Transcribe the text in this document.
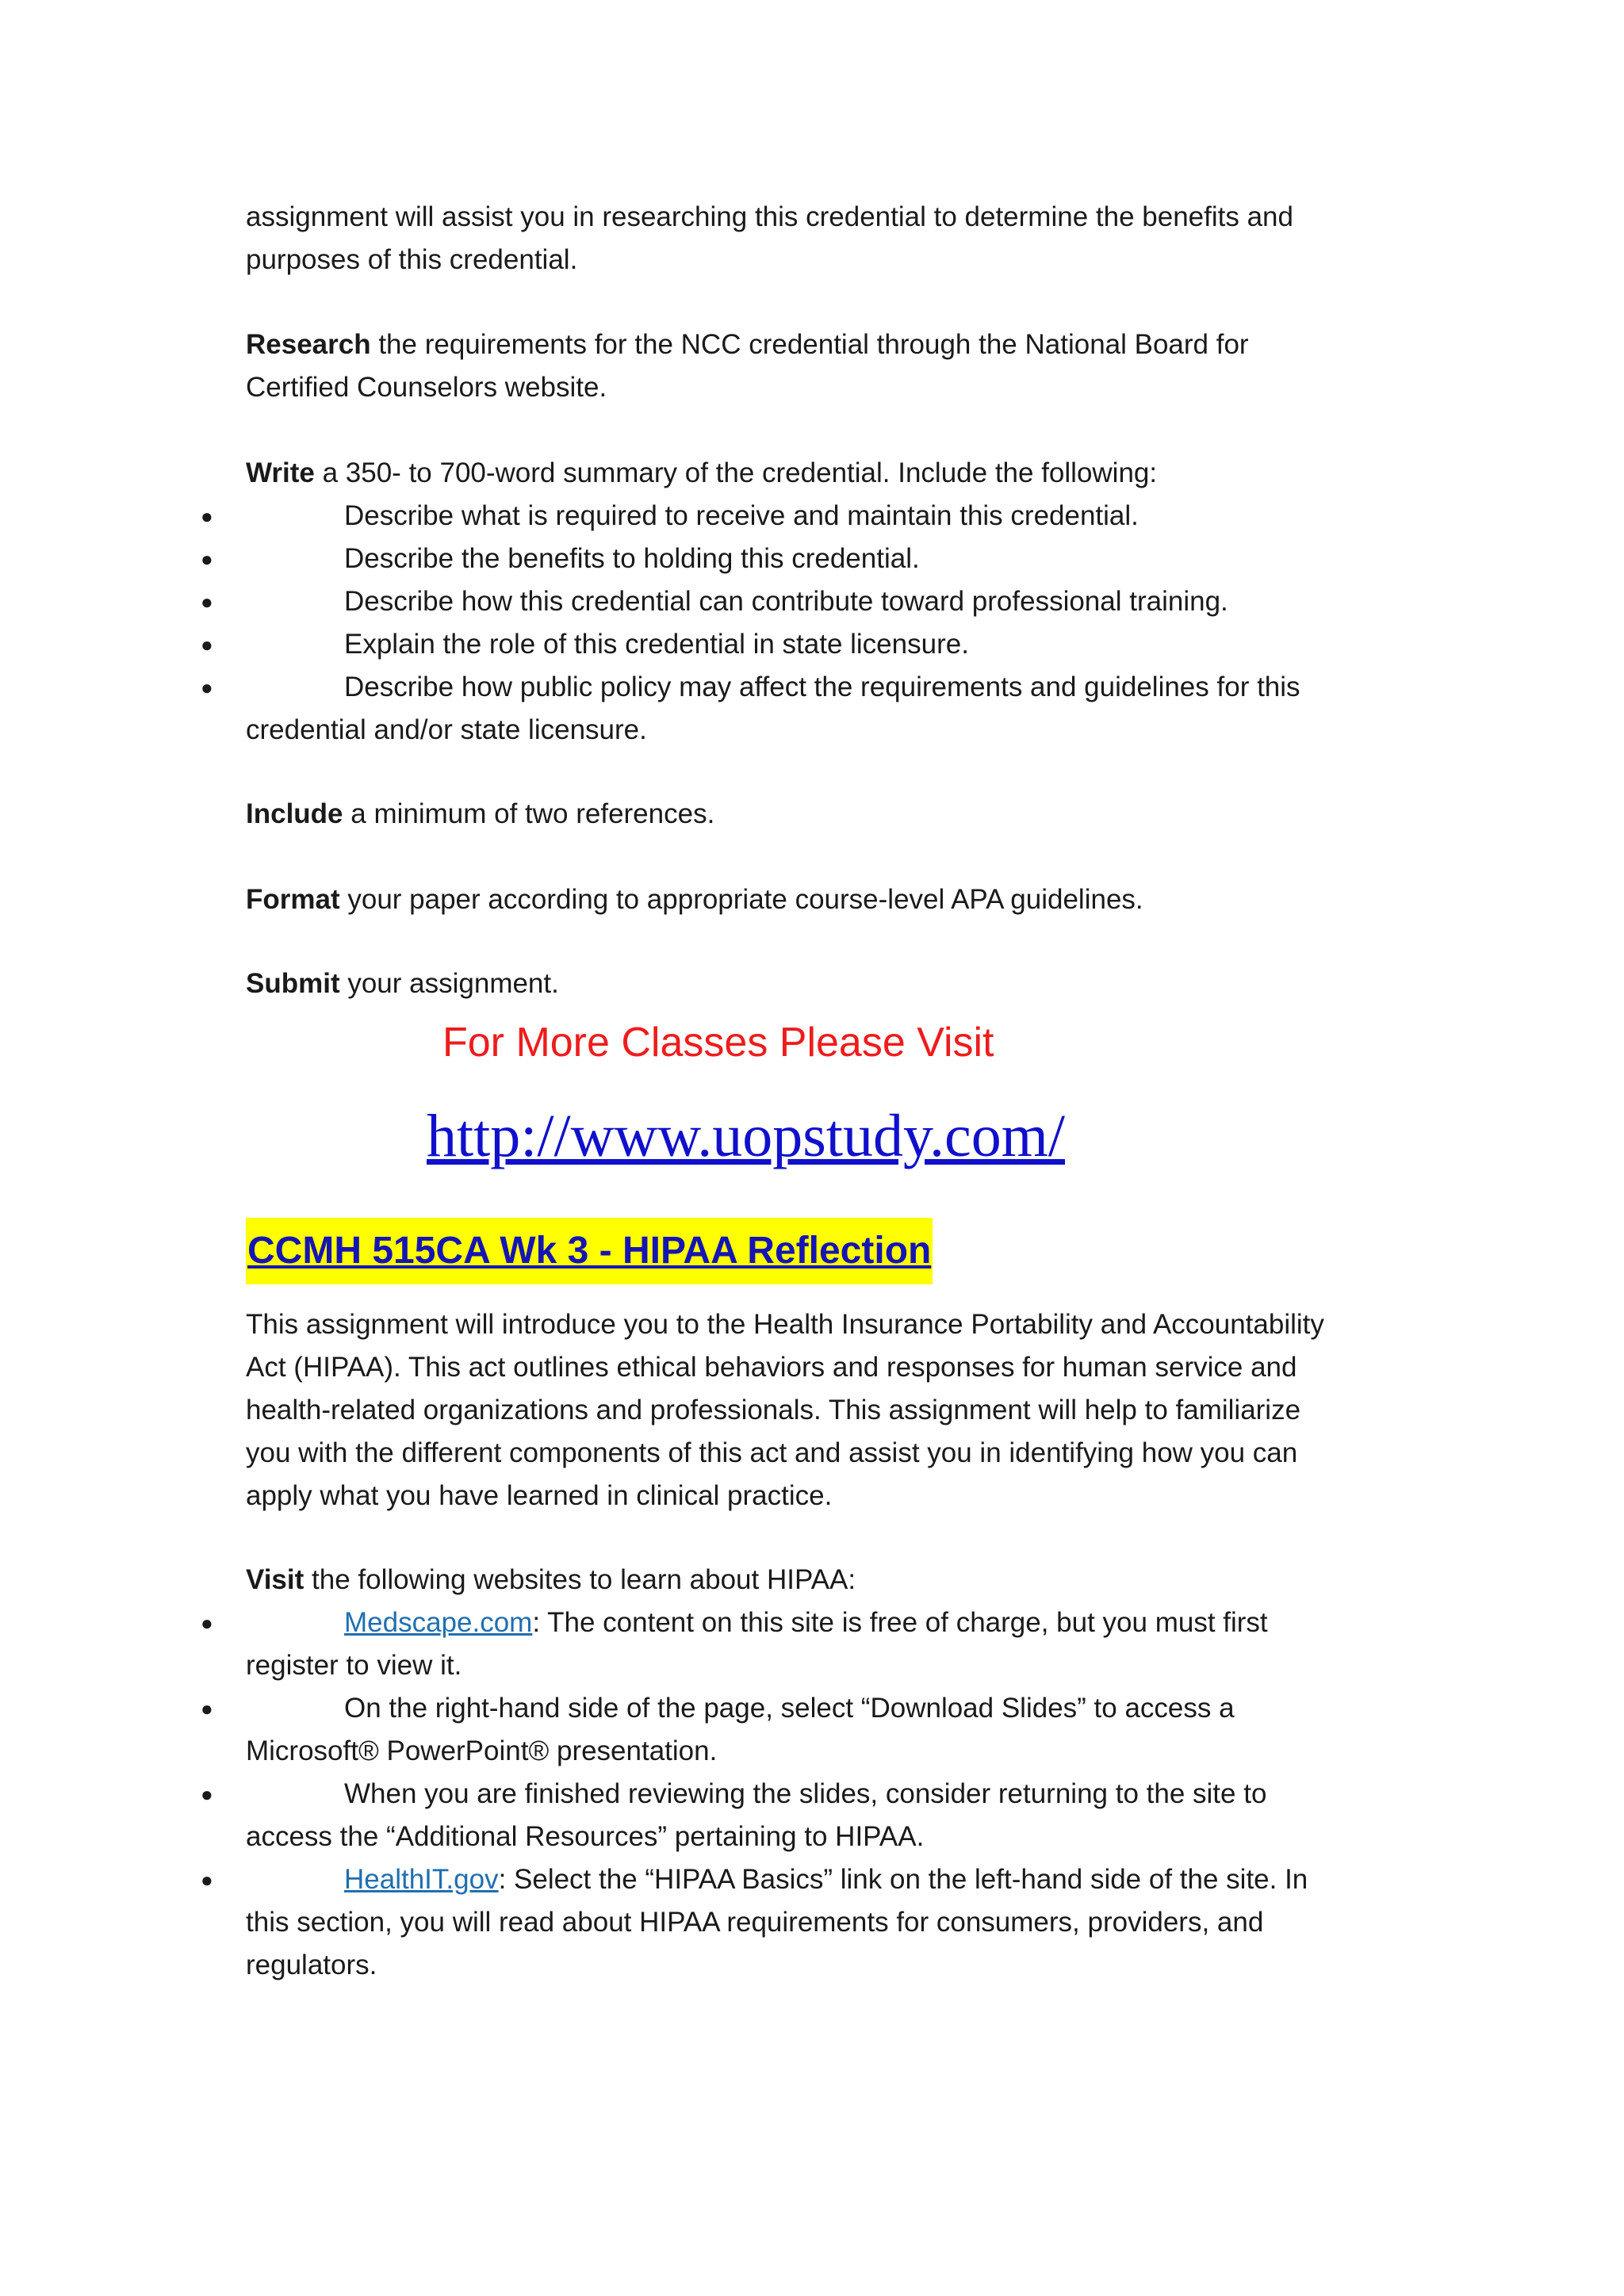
assignment will assist you in researching this credential to determine the benefits and
purposes of this credential.
Research the requirements for the NCC credential through the National Board for
Certified Counselors website.
Write a 350- to 700-word summary of the credential. Include the following:
●	Describe what is required to receive and maintain this credential.
●	Describe the benefits to holding this credential.
●	Describe how this credential can contribute toward professional training.
●	Explain the role of this credential in state licensure.
●	Describe how public policy may affect the requirements and guidelines for this
credential and/or state licensure.
Include a minimum of two references.
Format your paper according to appropriate course-level APA guidelines.
Submit your assignment.
For More Classes Please Visit
http://www.uopstudy.com/
CCMH 515CA Wk 3 - HIPAA Reflection
This assignment will introduce you to the Health Insurance Portability and Accountability
Act (HIPAA). This act outlines ethical behaviors and responses for human service and
health-related organizations and professionals. This assignment will help to familiarize
you with the different components of this act and assist you in identifying how you can
apply what you have learned in clinical practice.
Visit the following websites to learn about HIPAA:
●	Medscape.com: The content on this site is free of charge, but you must first
register to view it.
●	On the right-hand side of the page, select “Download Slides” to access a
Microsoft® PowerPoint® presentation.
●	When you are finished reviewing the slides, consider returning to the site to
access the “Additional Resources” pertaining to HIPAA.
●	HealthIT.gov: Select the “HIPAA Basics” link on the left-hand side of the site. In
this section, you will read about HIPAA requirements for consumers, providers, and
regulators.
